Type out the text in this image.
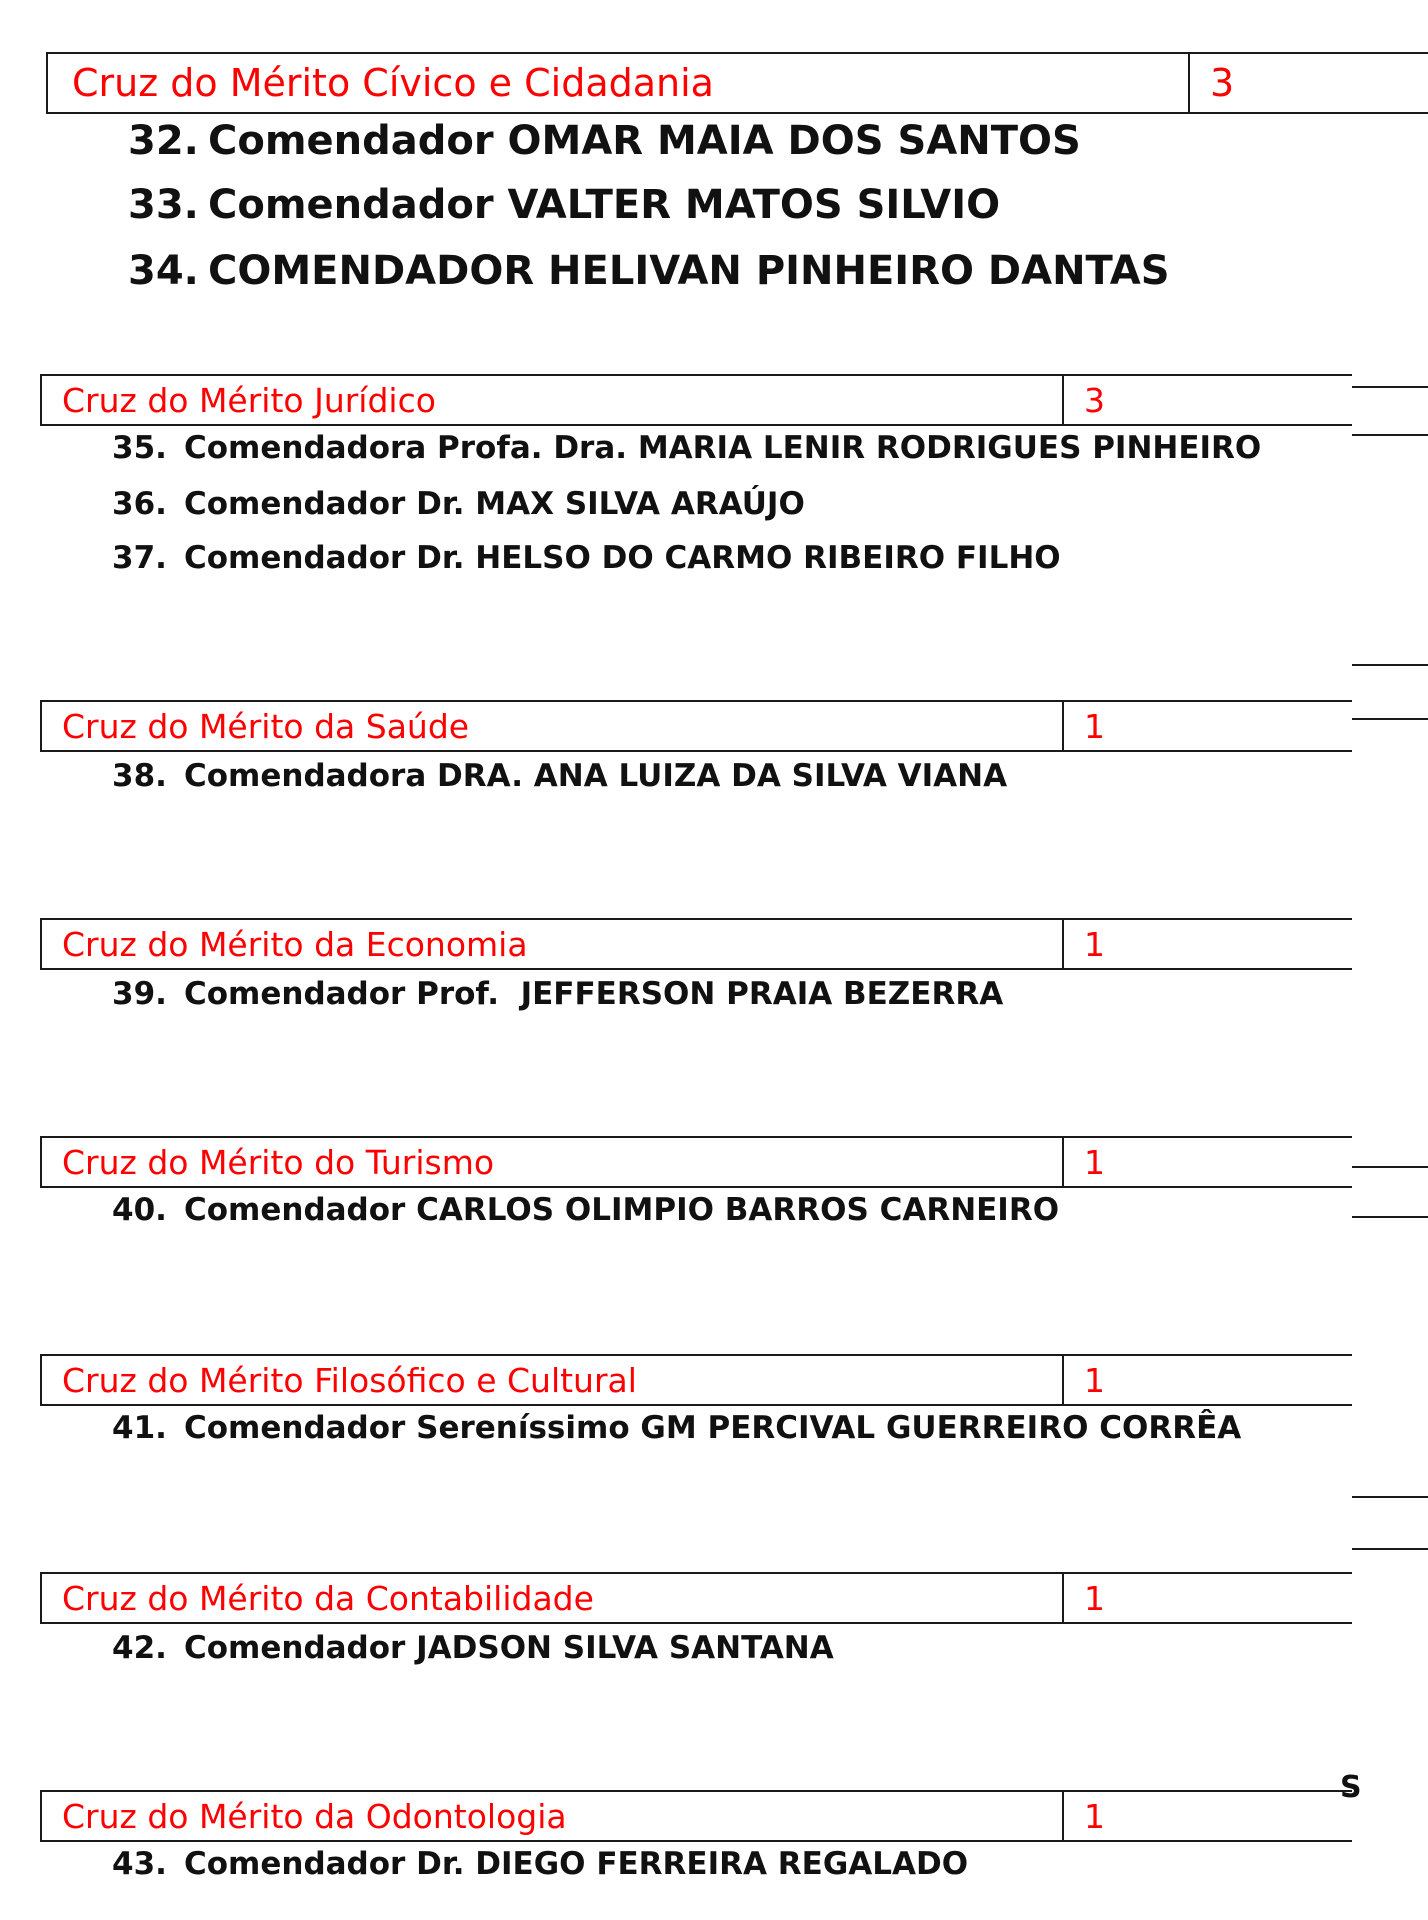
Cruz do Mérito Cívico e Cidadania	3
32. Comendador OMAR MAIA DOS SANTOS
33. Comendador VALTER MATOS SILVIO
34. COMENDADOR HELIVAN PINHEIRO DANTAS
Cruz do Mérito Jurídico	3
35. Comendadora Profa. Dra. MARIA LENIR RODRIGUES PINHEIRO
36. Comendador Dr. MAX SILVA ARAÚJO
37. Comendador Dr. HELSO DO CARMO RIBEIRO FILHO
Cruz do Mérito da Saúde	1
38. Comendadora DRA. ANA LUIZA DA SILVA VIANA
Cruz do Mérito da Economia	1
39. Comendador Prof.  JEFFERSON PRAIA BEZERRA
Cruz do Mérito do Turismo	1
40. Comendador CARLOS OLIMPIO BARROS CARNEIRO
Cruz do Mérito Filosófico e Cultural	1
41. Comendador Sereníssimo GM PERCIVAL GUERREIRO CORRÊA
Cruz do Mérito da Contabilidade	1
42. Comendador JADSON SILVA SANTANA
Cruz do Mérito da Odontologia	1
43. Comendador Dr. DIEGO FERREIRA REGALADO
S
